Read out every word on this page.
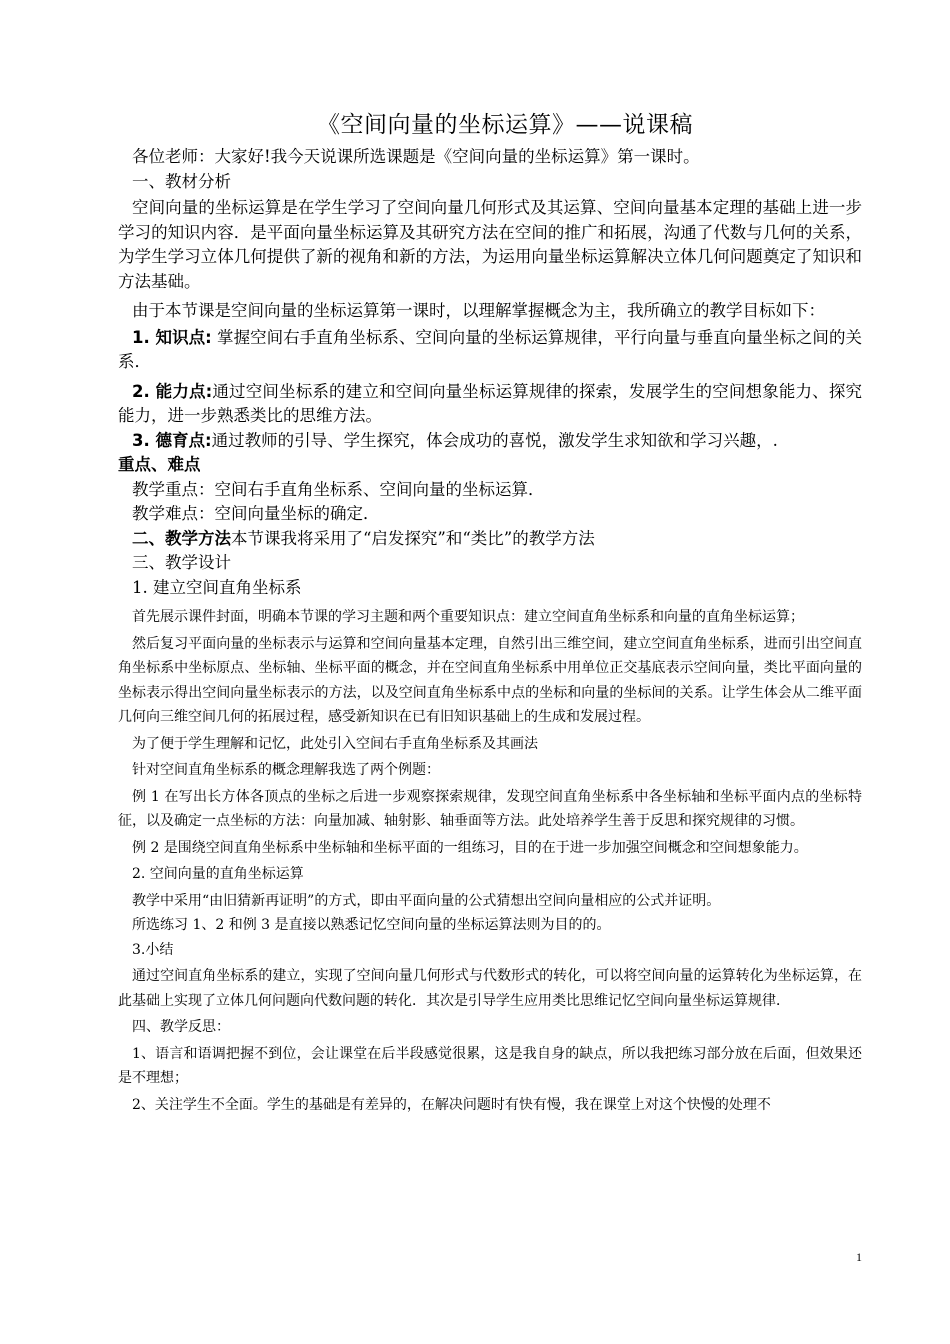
《空间向量的坐标运算》——说课稿

各位老师：大家好!我今天说课所选课题是《空间向量的坐标运算》第一课时。

一、教材分析

空间向量的坐标运算是在学生学习了空间向量几何形式及其运算、空间向量基本定理的基础上进一步学习的知识内容．是平面向量坐标运算及其研究方法在空间的推广和拓展，沟通了代数与几何的关系，为学生学习立体几何提供了新的视角和新的方法，为运用向量坐标运算解决立体几何问题奠定了知识和方法基础。

由于本节课是空间向量的坐标运算第一课时，以理解掌握概念为主，我所确立的教学目标如下：

1. 知识点: 掌握空间右手直角坐标系、空间向量的坐标运算规律，平行向量与垂直向量坐标之间的关系．

2. 能力点:通过空间坐标系的建立和空间向量坐标运算规律的探索，发展学生的空间想象能力、探究能力，进一步熟悉类比的思维方法。

3. 德育点:通过教师的引导、学生探究，体会成功的喜悦，激发学生求知欲和学习兴趣，.

重点、难点

教学重点：空间右手直角坐标系、空间向量的坐标运算．

教学难点：空间向量坐标的确定．

二、教学方法本节课我将采用了“启发探究”和“类比”的教学方法

三、教学设计

1. 建立空间直角坐标系

首先展示课件封面，明确本节课的学习主题和两个重要知识点：建立空间直角坐标系和向量的直角坐标运算；

然后复习平面向量的坐标表示与运算和空间向量基本定理，自然引出三维空间，建立空间直角坐标系，进而引出空间直角坐标系中坐标原点、坐标轴、坐标平面的概念，并在空间直角坐标系中用单位正交基底表示空间向量，类比平面向量的坐标表示得出空间向量坐标表示的方法，以及空间直角坐标系中点的坐标和向量的坐标间的关系。让学生体会从二维平面几何向三维空间几何的拓展过程，感受新知识在已有旧知识基础上的生成和发展过程。

为了便于学生理解和记忆，此处引入空间右手直角坐标系及其画法

针对空间直角坐标系的概念理解我选了两个例题：

例 1 在写出长方体各顶点的坐标之后进一步观察探索规律，发现空间直角坐标系中各坐标轴和坐标平面内点的坐标特征，以及确定一点坐标的方法：向量加减、轴射影、轴垂面等方法。此处培养学生善于反思和探究规律的习惯。

例 2 是围绕空间直角坐标系中坐标轴和坐标平面的一组练习，目的在于进一步加强空间概念和空间想象能力。

2. 空间向量的直角坐标运算

教学中采用“由旧猜新再证明”的方式，即由平面向量的公式猜想出空间向量相应的公式并证明。

所选练习 1、2 和例 3 是直接以熟悉记忆空间向量的坐标运算法则为目的的。

3.小结

通过空间直角坐标系的建立，实现了空间向量几何形式与代数形式的转化，可以将空间向量的运算转化为坐标运算，在此基础上实现了立体几何问题向代数问题的转化．其次是引导学生应用类比思维记忆空间向量坐标运算规律．

四、教学反思：

1、语言和语调把握不到位，会让课堂在后半段感觉很累，这是我自身的缺点，所以我把练习部分放在后面，但效果还是不理想；

2、关注学生不全面。学生的基础是有差异的，在解决问题时有快有慢，我在课堂上对这个快慢的处理不

1
